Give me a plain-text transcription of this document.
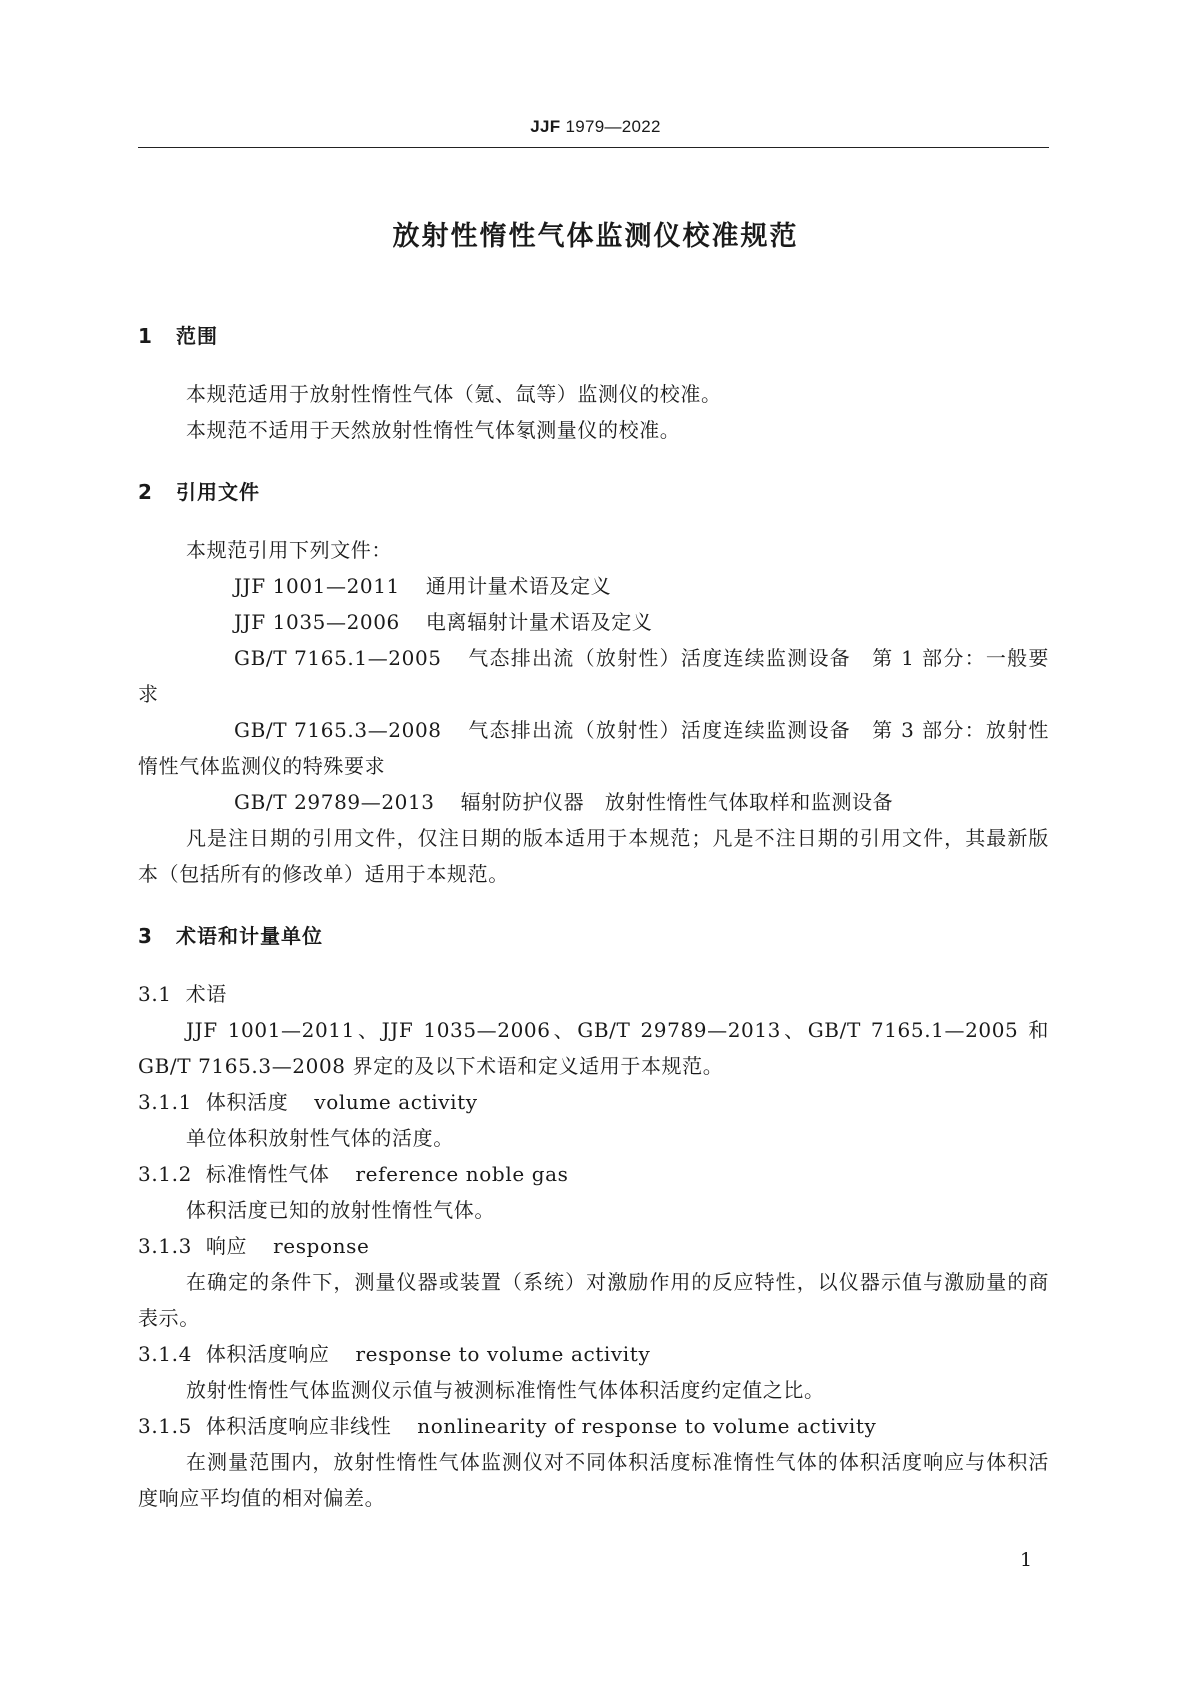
JJF 1979—2022
放射性惰性气体监测仪校准规范
1 范围

本规范适用于放射性惰性气体（氪、氙等）监测仪的校准。

本规范不适用于天然放射性惰性气体氡测量仪的校准。

2 引用文件

本规范引用下列文件：

JJF 1001—2011 通用计量术语及定义

JJF 1035—2006 电离辐射计量术语及定义

GB/T 7165.1—2005 气态排出流（放射性）活度连续监测设备　第 1 部分：一般要求

GB/T 7165.3—2008 气态排出流（放射性）活度连续监测设备　第 3 部分：放射性惰性气体监测仪的特殊要求

GB/T 29789—2013 辐射防护仪器　放射性惰性气体取样和监测设备

凡是注日期的引用文件，仅注日期的版本适用于本规范；凡是不注日期的引用文件，其最新版本（包括所有的修改单）适用于本规范。

3 术语和计量单位

3.1 术语

JJF 1001—2011、JJF 1035—2006、GB/T 29789—2013、GB/T 7165.1—2005 和 GB/T 7165.3—2008 界定的及以下术语和定义适用于本规范。

3.1.1 体积活度 volume activity

单位体积放射性气体的活度。

3.1.2 标准惰性气体 reference noble gas

体积活度已知的放射性惰性气体。

3.1.3 响应 response

在确定的条件下，测量仪器或装置（系统）对激励作用的反应特性，以仪器示值与激励量的商表示。

3.1.4 体积活度响应 response to volume activity

放射性惰性气体监测仪示值与被测标准惰性气体体积活度约定值之比。

3.1.5 体积活度响应非线性 nonlinearity of response to volume activity

在测量范围内，放射性惰性气体监测仪对不同体积活度标准惰性气体的体积活度响应与体积活度响应平均值的相对偏差。

1
